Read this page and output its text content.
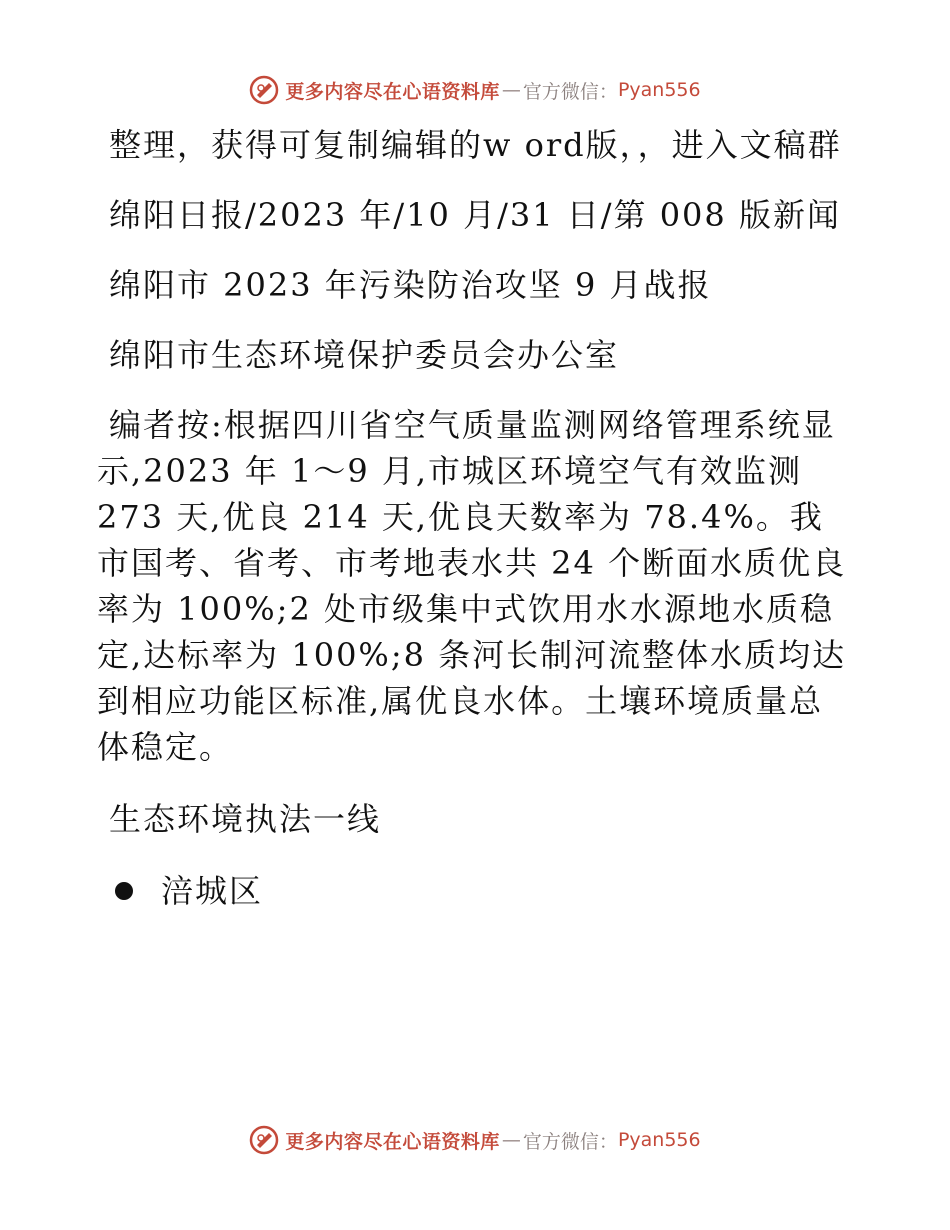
更多内容尽在心语资料库 — 官方微信： Pyan556

整理，获得可复制编辑的w ord版，，进入文稿群

绵阳日报/2023 年/10 月/31 日/第 008 版新闻

绵阳市 2023 年污染防治攻坚 9 月战报

绵阳市生态环境保护委员会办公室

编者按:根据四川省空气质量监测网络管理系统显示,2023 年 1～9 月,市城区环境空气有效监测 273 天,优良 214 天,优良天数率为 78.4%。我市国考、省考、市考地表水共 24 个断面水质优良率为 100%;2 处市级集中式饮用水水源地水质稳定,达标率为 100%;8 条河长制河流整体水质均达到相应功能区标准,属优良水体。土壤环境质量总体稳定。

生态环境执法一线

涪城区
更多内容尽在心语资料库 — 官方微信： Pyan556
